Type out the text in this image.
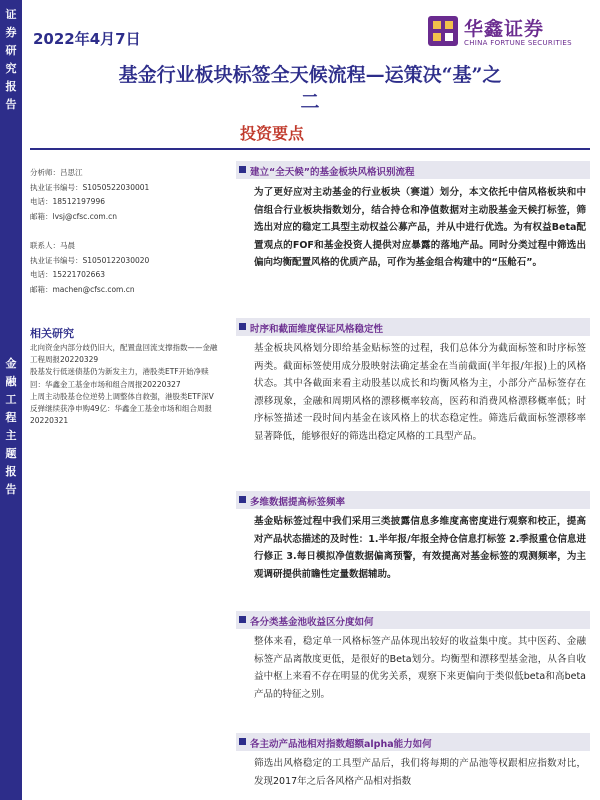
证
券
研
究
报
告
金
融
工
程
主
题
报
告
2022年4月7日	华鑫证券
CHINA FORTUNE SECURITIES
基金行业板块标签全天候流程—运策决“基”之
二
投资要点
分析师：吕思江
执业证书编号：S1050522030001
电话：18512197996
邮箱：lvsj@cfsc.com.cn

联系人：马晨
执业证书编号：S1050122030020
电话：15221702663
邮箱：machen@cfsc.com.cn
相关研究

北向资金内部分歧仍旧大，配置盘回流支撑指数——金融工程周报20220329

股基发行低迷债基仍为新发主力，港股类ETF开始净赎回：华鑫金工基金市场和组合周报20220327

上周主动股基仓位逆势上调整体自救强，港股类ETF深V反弹继续获净申购49亿：华鑫金工基金市场和组合周报20220321

建立“全天候”的基金板块风格识别流程

为了更好应对主动基金的行业板块（赛道）划分，本文依托中信风格板块和中信组合行业板块指数划分，结合持仓和净值数据对主动股基金天候打标签，筛选出对应的稳定工具型主动权益公募产品，并从中进行优选。为有权益Beta配置观点的FOF和基金投资人提供对应暴露的落地产品。同时分类过程中筛选出偏向均衡配置风格的优质产品，可作为基金组合构建中的“压舱石”。

时序和截面维度保证风格稳定性

基金板块风格划分即给基金贴标签的过程，我们总体分为截面标签和时序标签两类。截面标签使用成分股映射法确定基金在当前截面(半年报/年报)上的风格状态。其中各截面来看主动股基以成长和均衡风格为主，小部分产品标签存在漂移现象，金融和周期风格的漂移概率较高，医药和消费风格漂移概率低；时序标签描述一段时间内基金在该风格上的状态稳定性。筛选后截面标签漂移率显著降低，能够很好的筛选出稳定风格的工具型产品。

多维数据提高标签频率

基金贴标签过程中我们采用三类披露信息多维度高密度进行观察和校正，提高对产品状态描述的及时性：1.半年报/年报全持仓信息打标签 2.季报重仓信息进行修正 3.每日模拟净值数据偏离预警，有效提高对基金标签的观测频率，为主观调研提供前瞻性定量数据辅助。

各分类基金池收益区分度如何

整体来看，稳定单一风格标签产品体现出较好的收益集中度。其中医药、金融标签产品离散度更低，是很好的Beta划分。均衡型和漂移型基金池，从各自收益中枢上来看不存在明显的优劣关系，观察下来更偏向于类似低beta和高beta产品的特征之别。

各主动产品池相对指数超额alpha能力如何

筛选出风格稳定的工具型产品后，我们将每期的产品池等权跟相应指数对比，发现2017年之后各风格产品相对指数
